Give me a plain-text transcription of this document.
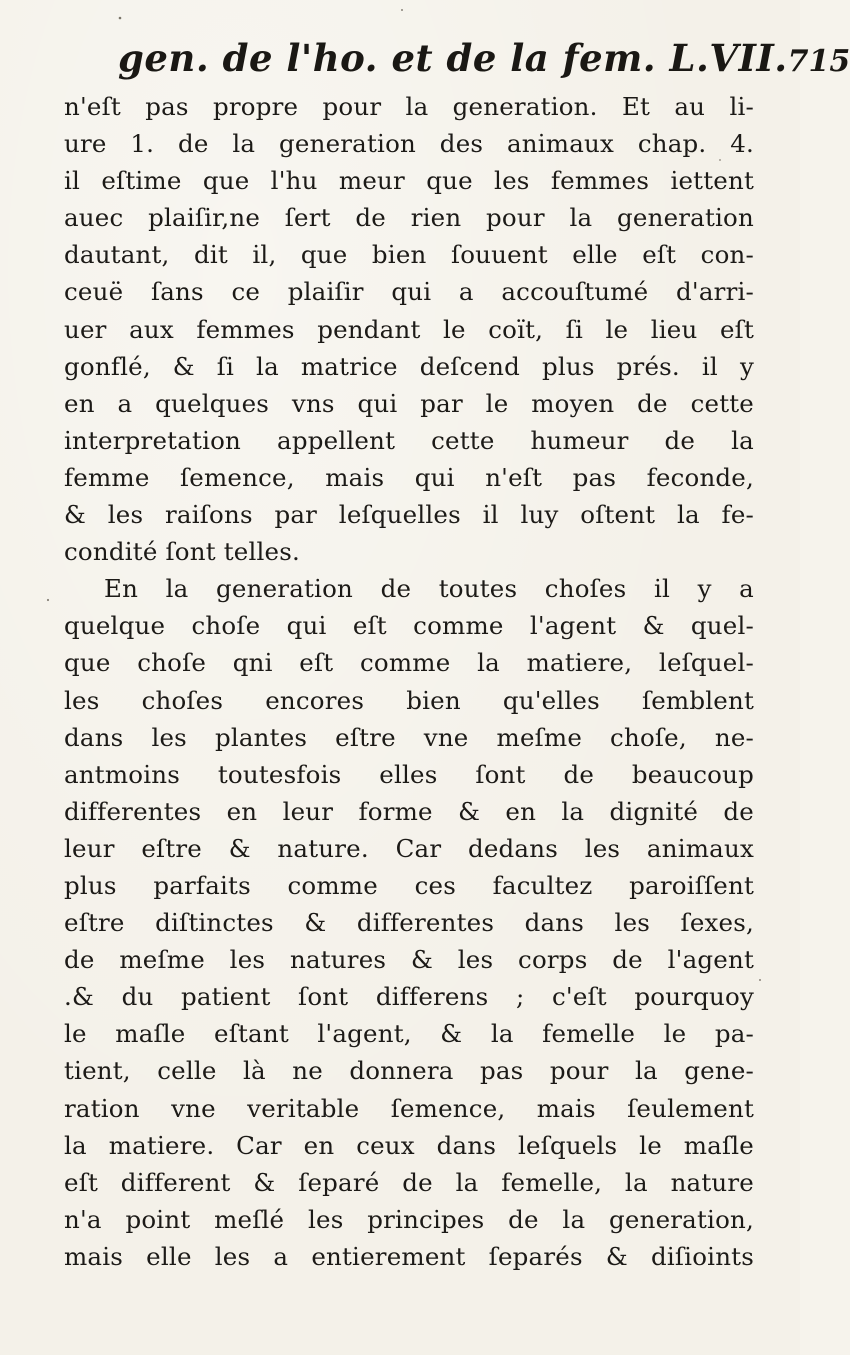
gen. de l'ho. et de la fem. L.VII. 715
n'eſt pas propre pour la generation. Et au li-
ure 1. de la generation des animaux chap. 4.
il eſtime que l'hu meur que les femmes iettent
auec plaiſir,ne ſert de rien pour la generation
dautant, dit il, que bien ſouuent elle eſt con-
ceuë ſans ce plaiſir qui a accouſtumé d'arri-
uer aux femmes pendant le coït, ſi le lieu eſt
gonflé, & ſi la matrice deſcend plus prés. il y
en a quelques vns qui par le moyen de cette
interpretation appellent cette humeur de la
femme ſemence, mais qui n'eſt pas feconde,
& les raiſons par leſquelles il luy oſtent la fe-
condité ſont telles.
En la generation de toutes choſes il y a
quelque choſe qui eſt comme l'agent & quel-
que choſe qni eſt comme la matiere, leſquel-
les choſes encores bien qu'elles ſemblent
dans les plantes eſtre vne meſme choſe, ne-
antmoins toutesfois elles ſont de beaucoup
differentes en leur forme & en la dignité de
leur eſtre & nature. Car dedans les animaux
plus parfaits comme ces facultez paroiſſent
eſtre diſtinctes & differentes dans les ſexes,
de meſme les natures & les corps de l'agent
.& du patient ſont differens ; c'eſt pourquoy
le maſle eſtant l'agent, & la femelle le pa-
tient, celle là ne donnera pas pour la gene-
ration vne veritable ſemence, mais ſeulement
la matiere. Car en ceux dans leſquels le maſle
eſt different & ſeparé de la femelle, la nature
n'a point meſlé les principes de la generation,
mais elle les a entierement ſeparés & diſioints
